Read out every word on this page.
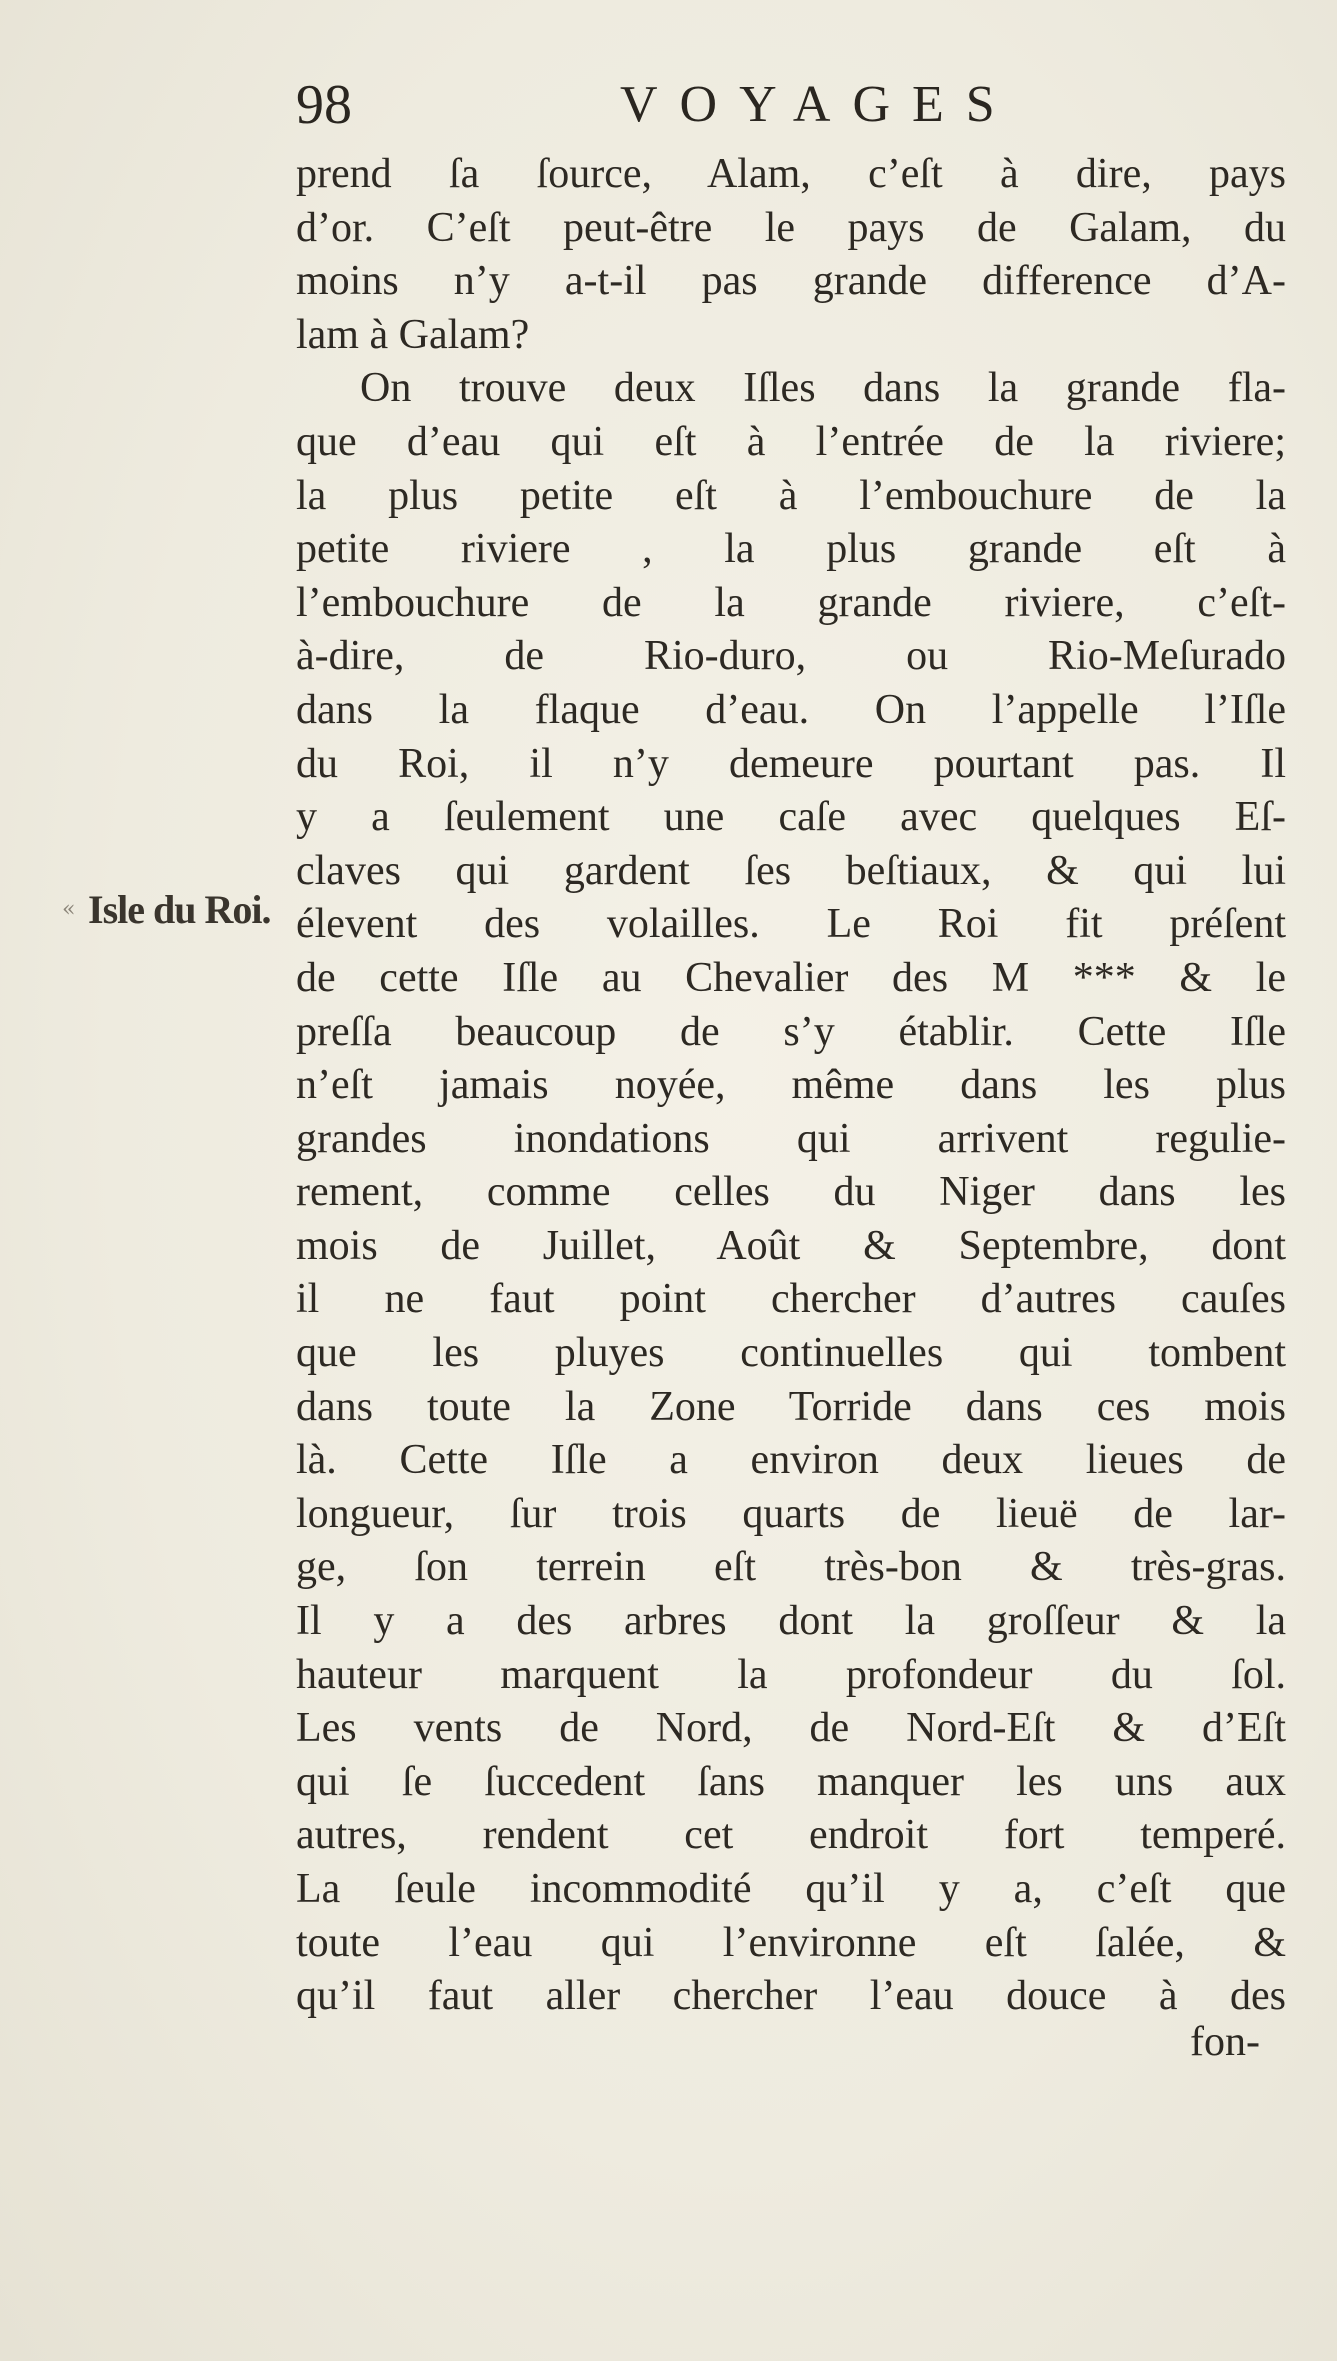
98	VOYAGES
« Isle du Roi.
prend ſa ſource, Alam, c’eſt à dire, pays
d’or. C’eſt peut-être le pays de Galam, du
moins n’y a-t-il pas grande difference d’A-
lam à Galam?
On trouve deux Iſles dans la grande fla-
que d’eau qui eſt à l’entrée de la riviere;
la plus petite eſt à l’embouchure de la
petite riviere , la plus grande eſt à
l’embouchure de la grande riviere, c’eſt-
à-dire, de Rio-duro, ou Rio-Meſurado
dans la flaque d’eau. On l’appelle l’Iſle
du Roi, il n’y demeure pourtant pas. Il
y a ſeulement une caſe avec quelques Eſ-
claves qui gardent ſes beſtiaux, & qui lui
élevent des volailles. Le Roi fit préſent
de cette Iſle au Chevalier des M *** & le
preſſa beaucoup de s’y établir. Cette Iſle
n’eſt jamais noyée, même dans les plus
grandes inondations qui arrivent regulie-
rement, comme celles du Niger dans les
mois de Juillet, Août & Septembre, dont
il ne faut point chercher d’autres cauſes
que les pluyes continuelles qui tombent
dans toute la Zone Torride dans ces mois
là. Cette Iſle a environ deux lieues de
longueur, ſur trois quarts de lieuë de lar-
ge, ſon terrein eſt très-bon & très-gras.
Il y a des arbres dont la groſſeur & la
hauteur marquent la profondeur du ſol.
Les vents de Nord, de Nord-Eſt & d’Eſt
qui ſe ſuccedent ſans manquer les uns aux
autres, rendent cet endroit fort temperé.
La ſeule incommodité qu’il y a, c’eſt que
toute l’eau qui l’environne eſt ſalée, &
qu’il faut aller chercher l’eau douce à des
fon-
